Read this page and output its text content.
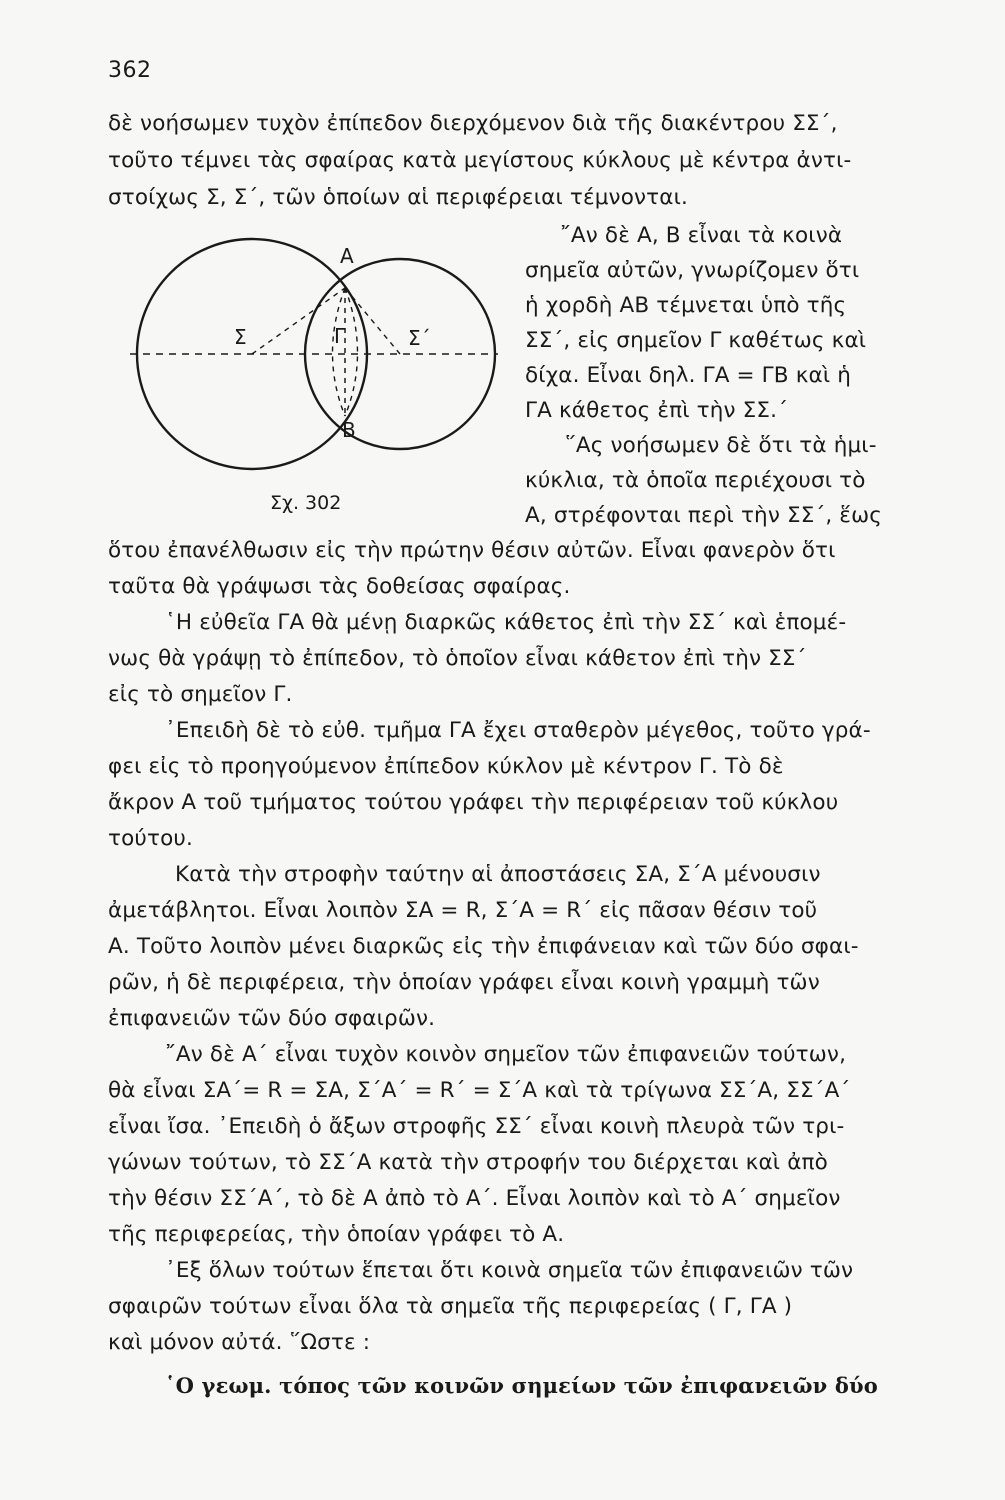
362
δὲ νοήσωμεν τυχὸν ἐπίπεδον διερχόμενον διὰ τῆς διακέντρου ΣΣ΄,
τοῦτο τέμνει τὰς σφαίρας κατὰ μεγίστους κύκλους μὲ κέντρα ἀντι-
στοίχως Σ, Σ΄, τῶν ὁποίων αἱ περιφέρειαι τέμνονται.
῎Αν δὲ Α, Β εἶναι τὰ κοινὰ
σημεῖα αὐτῶν, γνωρίζομεν ὅτι
ἡ χορδὴ ΑΒ τέμνεται ὑπὸ τῆς
ΣΣ΄, εἰς σημεῖον Γ καθέτως καὶ
δίχα. Εἶναι δηλ. ΓΑ = ΓΒ καὶ ἡ
ΓΑ κάθετος ἐπὶ τὴν ΣΣ.΄
῞Ας νοήσωμεν δὲ ὅτι τὰ ἡμι-
κύκλια, τὰ ὁποῖα περιέχουσι τὸ
Α, στρέφονται περὶ τὴν ΣΣ΄, ἕως
Α
Β
Σ	Σ΄
Γ
Σχ. 302
ὅτου ἐπανέλθωσιν εἰς τὴν πρώτην θέσιν αὐτῶν. Εἶναι φανερὸν ὅτι
ταῦτα θὰ γράψωσι τὰς δοθείσας σφαίρας.
῾Η εὐθεῖα ΓΑ θὰ μένῃ διαρκῶς κάθετος ἐπὶ τὴν ΣΣ΄ καὶ ἑπομέ-
νως θὰ γράψῃ τὸ ἐπίπεδον, τὸ ὁποῖον εἶναι κάθετον ἐπὶ τὴν ΣΣ΄
εἰς τὸ σημεῖον Γ.
᾿Επειδὴ δὲ τὸ εὐθ. τμῆμα ΓΑ ἔχει σταθερὸν μέγεθος, τοῦτο γρά-
φει εἰς τὸ προηγούμενον ἐπίπεδον κύκλον μὲ κέντρον Γ. Τὸ δὲ
ἄκρον Α τοῦ τμήματος τούτου γράφει τὴν περιφέρειαν τοῦ κύκλου
τούτου.
Κατὰ τὴν στροφὴν ταύτην αἱ ἀποστάσεις ΣΑ, Σ΄Α μένουσιν
ἀμετάβλητοι. Εἶναι λοιπὸν ΣΑ = R, Σ΄Α = R΄ εἰς πᾶσαν θέσιν τοῦ
Α. Τοῦτο λοιπὸν μένει διαρκῶς εἰς τὴν ἐπιφάνειαν καὶ τῶν δύο σφαι-
ρῶν, ἡ δὲ περιφέρεια, τὴν ὁποίαν γράφει εἶναι κοινὴ γραμμὴ τῶν
ἐπιφανειῶν τῶν δύο σφαιρῶν.
῎Αν δὲ Α΄ εἶναι τυχὸν κοινὸν σημεῖον τῶν ἐπιφανειῶν τούτων,
θὰ εἶναι ΣΑ΄= R = ΣΑ, Σ΄Α΄ = R΄ = Σ΄Α καὶ τὰ τρίγωνα ΣΣ΄Α, ΣΣ΄Α΄
εἶναι ἴσα. ᾿Επειδὴ ὁ ἄξων στροφῆς ΣΣ΄ εἶναι κοινὴ πλευρὰ τῶν τρι-
γώνων τούτων, τὸ ΣΣ΄Α κατὰ τὴν στροφήν του διέρχεται καὶ ἀπὸ
τὴν θέσιν ΣΣ΄Α΄, τὸ δὲ Α ἀπὸ τὸ Α΄. Εἶναι λοιπὸν καὶ τὸ Α΄ σημεῖον
τῆς περιφερείας, τὴν ὁποίαν γράφει τὸ Α.
᾿Εξ ὅλων τούτων ἕπεται ὅτι κοινὰ σημεῖα τῶν ἐπιφανειῶν τῶν
σφαιρῶν τούτων εἶναι ὅλα τὰ σημεῖα τῆς περιφερείας ( Γ, ΓΑ )
καὶ μόνον αὐτά. ῞Ωστε :
῾Ο γεωμ. τόπος τῶν κοινῶν σημείων τῶν ἐπιφανειῶν δύο
